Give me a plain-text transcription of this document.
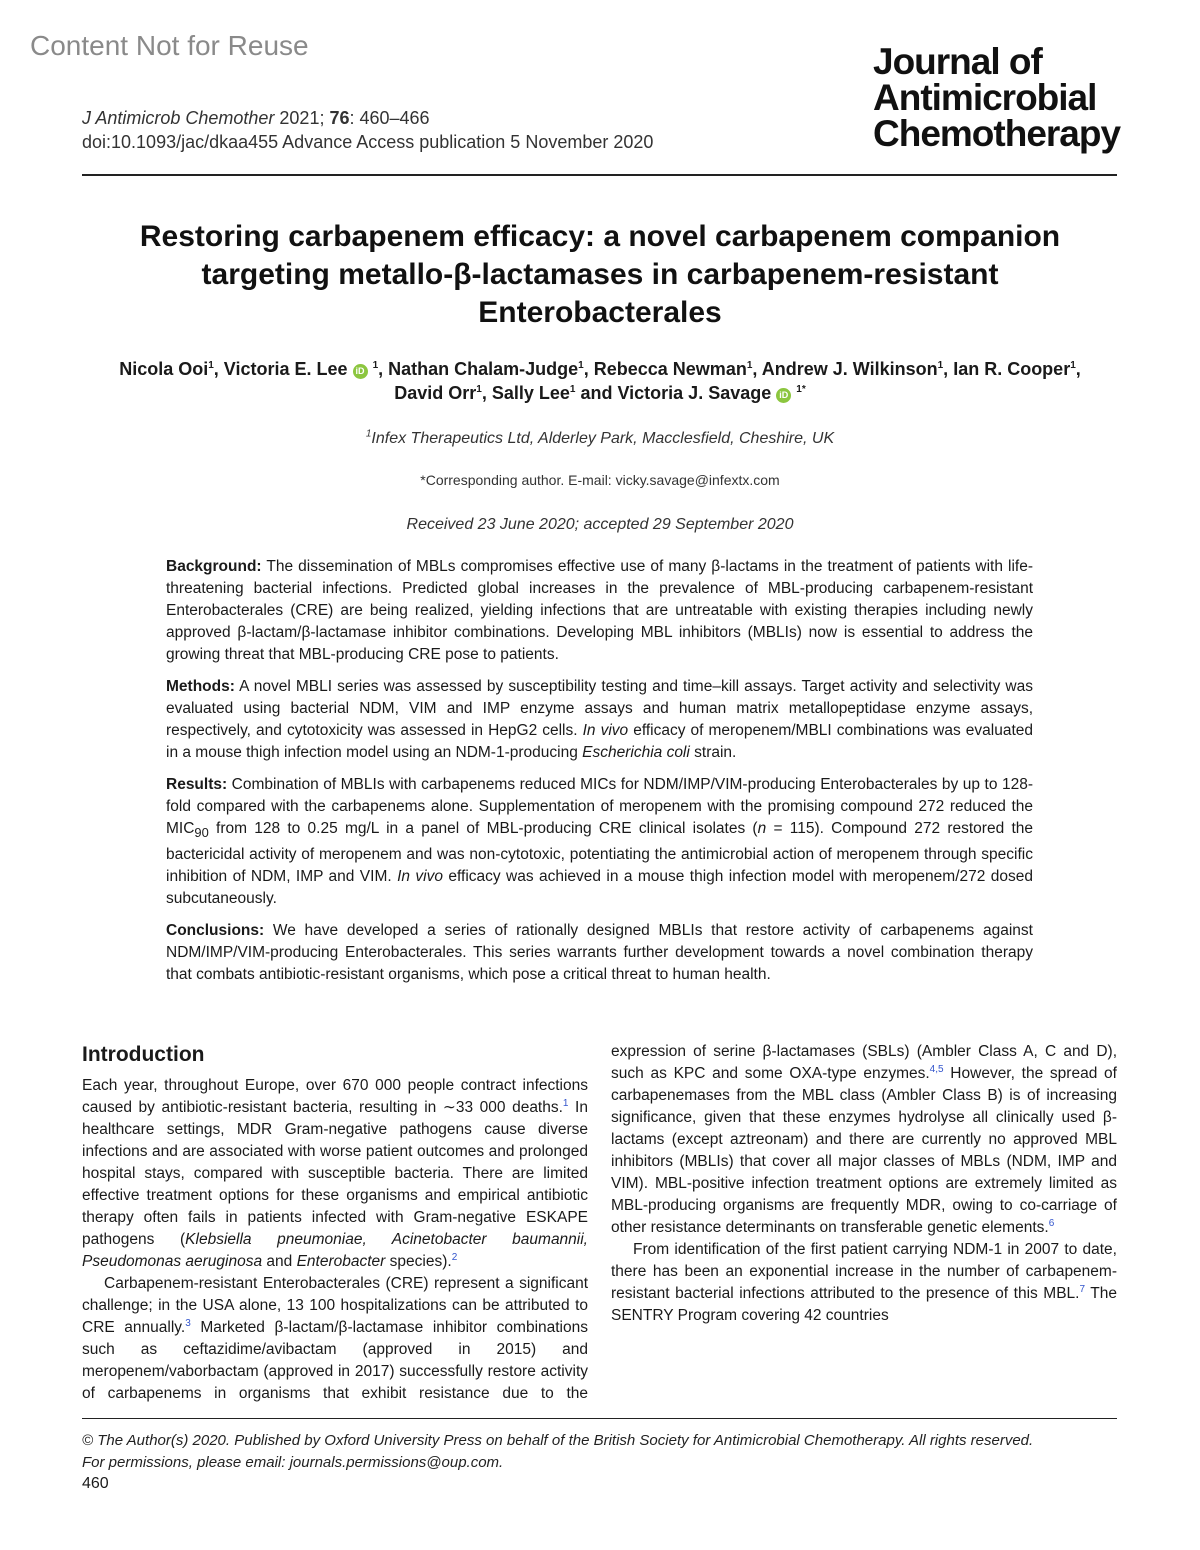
Content Not for Reuse
J Antimicrob Chemother 2021; 76: 460–466
doi:10.1093/jac/dkaa455 Advance Access publication 5 November 2020
Journal of
Antimicrobial
Chemotherapy
Restoring carbapenem efficacy: a novel carbapenem companion targeting metallo-β-lactamases in carbapenem-resistant Enterobacterales
Nicola Ooi$^1$, Victoria E. Lee iD $^1$, Nathan Chalam-Judge$^1$, Rebecca Newman$^1$, Andrew J. Wilkinson$^1$, Ian R. Cooper$^1$,
David Orr$^1$, Sally Lee$^1$ and Victoria J. Savage iD $^{1*}$
$^1$Infex Therapeutics Ltd, Alderley Park, Macclesfield, Cheshire, UK
*Corresponding author. E-mail: vicky.savage@infextx.com
Received 23 June 2020; accepted 29 September 2020

Background: The dissemination of MBLs compromises effective use of many β-lactams in the treatment of patients with life-threatening bacterial infections. Predicted global increases in the prevalence of MBL-producing carbapenem-resistant Enterobacterales (CRE) are being realized, yielding infections that are untreatable with existing therapies including newly approved β-lactam/β-lactamase inhibitor combinations. Developing MBL inhibitors (MBLIs) now is essential to address the growing threat that MBL-producing CRE pose to patients.

Methods: A novel MBLI series was assessed by susceptibility testing and time–kill assays. Target activity and selectivity was evaluated using bacterial NDM, VIM and IMP enzyme assays and human matrix metallopeptidase enzyme assays, respectively, and cytotoxicity was assessed in HepG2 cells. In vivo efficacy of meropenem/MBLI combinations was evaluated in a mouse thigh infection model using an NDM-1-producing Escherichia coli strain.

Results: Combination of MBLIs with carbapenems reduced MICs for NDM/IMP/VIM-producing Enterobacterales by up to 128-fold compared with the carbapenems alone. Supplementation of meropenem with the promising compound 272 reduced the $MIC_{90}$ from 128 to 0.25 mg/L in a panel of MBL-producing CRE clinical isolates (n = 115). Compound 272 restored the bactericidal activity of meropenem and was non-cytotoxic, potentiating the antimicrobial action of meropenem through specific inhibition of NDM, IMP and VIM. In vivo efficacy was achieved in a mouse thigh infection model with meropenem/272 dosed subcutaneously.

Conclusions: We have developed a series of rationally designed MBLIs that restore activity of carbapenems against NDM/IMP/VIM-producing Enterobacterales. This series warrants further development towards a novel combination therapy that combats antibiotic-resistant organisms, which pose a critical threat to human health.

Introduction

Each year, throughout Europe, over 670 000 people contract infections caused by antibiotic-resistant bacteria, resulting in ∼33 000 deaths.$^1$ In healthcare settings, MDR Gram-negative pathogens cause diverse infections and are associated with worse patient outcomes and prolonged hospital stays, compared with susceptible bacteria. There are limited effective treatment options for these organisms and empirical antibiotic therapy often fails in patients infected with Gram-negative ESKAPE pathogens (Klebsiella pneumoniae, Acinetobacter baumannii, Pseudomonas aeruginosa and Enterobacter species).$^2$

Carbapenem-resistant Enterobacterales (CRE) represent a significant challenge; in the USA alone, 13 100 hospitalizations can be attributed to CRE annually.$^3$ Marketed β-lactam/β-lactamase inhibitor combinations such as ceftazidime/avibactam (approved in 2015) and meropenem/vaborbactam (approved in 2017) successfully restore activity of carbapenems in organisms that exhibit resistance due to the expression of serine β-lactamases (SBLs) (Ambler Class A, C and D), such as KPC and some OXA-type enzymes.$^{4,5}$ However, the spread of carbapenemases from the MBL class (Ambler Class B) is of increasing significance, given that these enzymes hydrolyse all clinically used β-lactams (except aztreonam) and there are currently no approved MBL inhibitors (MBLIs) that cover all major classes of MBLs (NDM, IMP and VIM). MBL-positive infection treatment options are extremely limited as MBL-producing organisms are frequently MDR, owing to co-carriage of other resistance determinants on transferable genetic elements.$^6$

From identification of the first patient carrying NDM-1 in 2007 to date, there has been an exponential increase in the number of carbapenem-resistant bacterial infections attributed to the presence of this MBL.$^7$ The SENTRY Program covering 42 countries

© The Author(s) 2020. Published by Oxford University Press on behalf of the British Society for Antimicrobial Chemotherapy. All rights reserved.
For permissions, please email: journals.permissions@oup.com.
460
